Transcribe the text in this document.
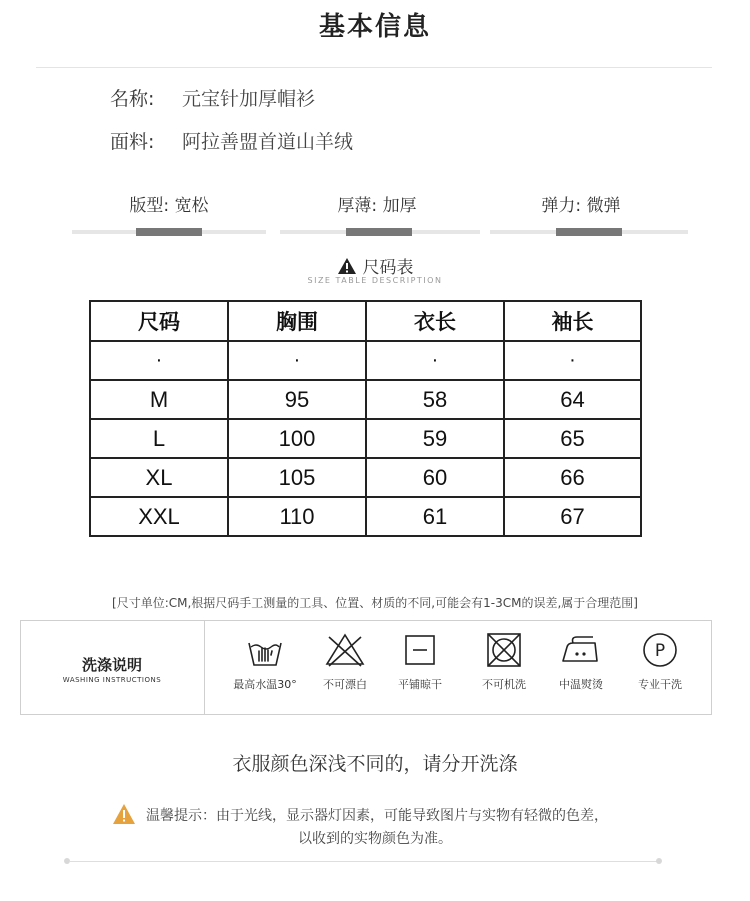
基本信息
名称: 元宝针加厚帽衫
面料: 阿拉善盟首道山羊绒
版型: 宽松	厚薄: 加厚	弹力: 微弹
尺码表
SIZE TABLE DESCRIPTION
尺码	胸围	衣长	袖长
·	·	·	·
M	95	58	64
L	100	59	65
XL	105	60	66
XXL	110	61	67
[尺寸单位:CM,根据尺码手工测量的工具、位置、材质的不同,可能会有1-3CM的误差,属于合理范围]
洗涤说明
WASHING INSTRUCTIONS	最高水温30°	不可漂白	平铺晾干	不可机洗	中温熨烫
P
专业干洗
衣服颜色深浅不同的，请分开洗涤
温馨提示：由于光线，显示器灯因素，可能导致图片与实物有轻微的色差，
以收到的实物颜色为准。
